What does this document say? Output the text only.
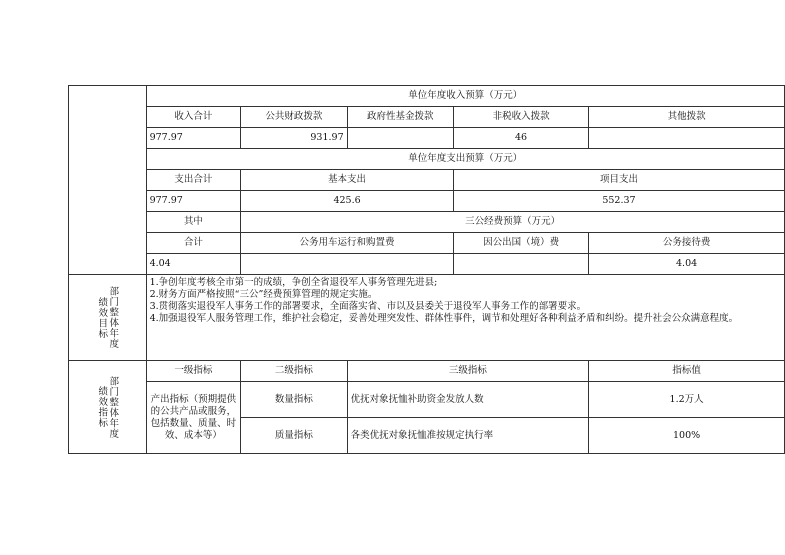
	单位年度收入预算（万元）				
	收入合计	公共财政拨款	政府性基金拨款	非税收入拨款	其他拨款
	977.97	931.97		46	
	单位年度支出预算（万元）				
	支出合计	基本支出		项目支出	
	977.97	425.6		552.37	
	其中	三公经费预算（万元）			
	合计	公务用车运行和购置费		因公出国（境）费	公务接待费
	4.04				4.04
部门整体年度绩效目标	1.争创年度考核全市第一的成绩，争创全省退役军人事务管理先进县;
2.财务方面严格按照“三公”经费预算管理的规定实施。
3.贯彻落实退役军人事务工作的部署要求，全面落实省、市以及县委关于退役军人事务工作的部署要求。
4.加强退役军人服务管理工作，维护社会稳定，妥善处理突发性、群体性事件，调节和处理好各种利益矛盾和纠纷。提升社会公众满意程度。				

部门整体年度绩效指标	一级指标	二级指标	三级指标		指标值
	产出指标（预期提供的公共产品或服务，包括数量、质量、时效、成本等）	数量指标	优抚对象抚恤补助资金发放人数		1.2万人
		质量指标	各类优抚对象抚恤准按规定执行率		100%
